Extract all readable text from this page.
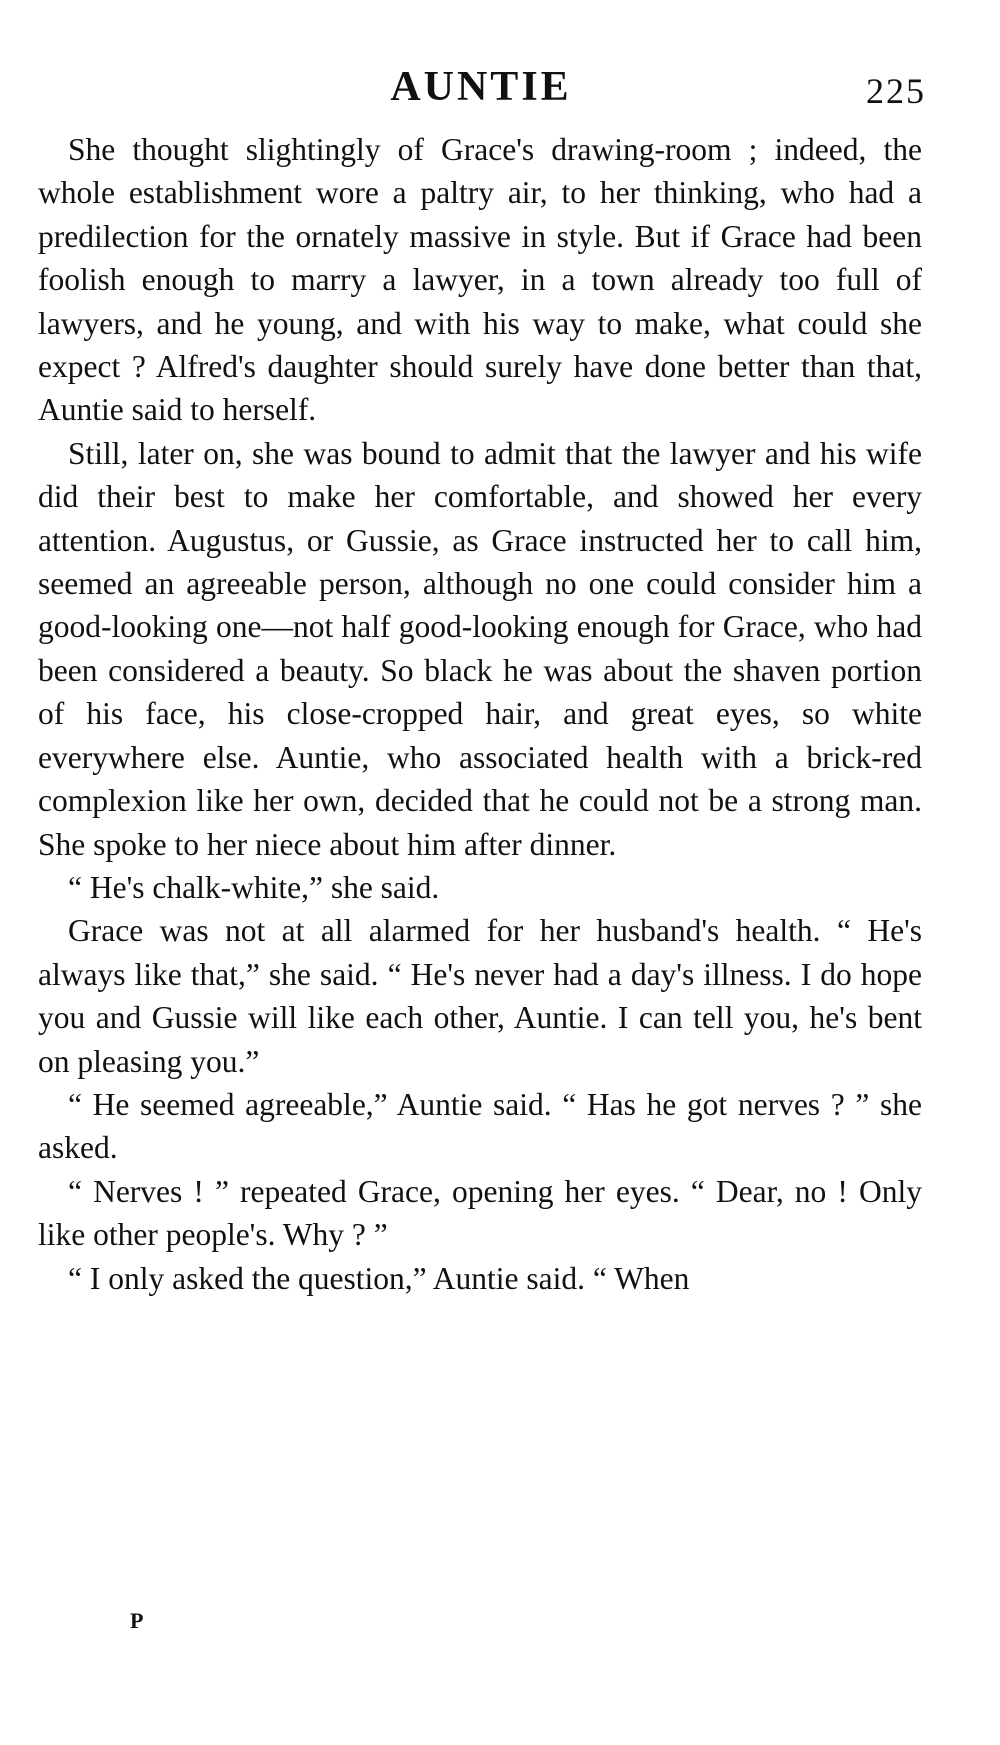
AUNTIE	225

She thought slightingly of Grace's drawing-room ; indeed, the whole establishment wore a paltry air, to her thinking, who had a predilection for the ornately massive in style. But if Grace had been foolish enough to marry a lawyer, in a town already too full of lawyers, and he young, and with his way to make, what could she expect ? Alfred's daughter should surely have done better than that, Auntie said to herself.

Still, later on, she was bound to admit that the lawyer and his wife did their best to make her comfortable, and showed her every attention. Augustus, or Gussie, as Grace instructed her to call him, seemed an agreeable person, although no one could consider him a good-looking one—not half good-looking enough for Grace, who had been considered a beauty. So black he was about the shaven portion of his face, his close-cropped hair, and great eyes, so white everywhere else. Auntie, who associated health with a brick-red complexion like her own, decided that he could not be a strong man. She spoke to her niece about him after dinner.

“ He's chalk-white,” she said.

Grace was not at all alarmed for her husband's health. “ He's always like that,” she said. “ He's never had a day's illness. I do hope you and Gussie will like each other, Auntie. I can tell you, he's bent on pleasing you.”

“ He seemed agreeable,” Auntie said. “ Has he got nerves ? ” she asked.

“ Nerves ! ” repeated Grace, opening her eyes. “ Dear, no ! Only like other people's. Why ? ”

“ I only asked the question,” Auntie said. “ When

P
